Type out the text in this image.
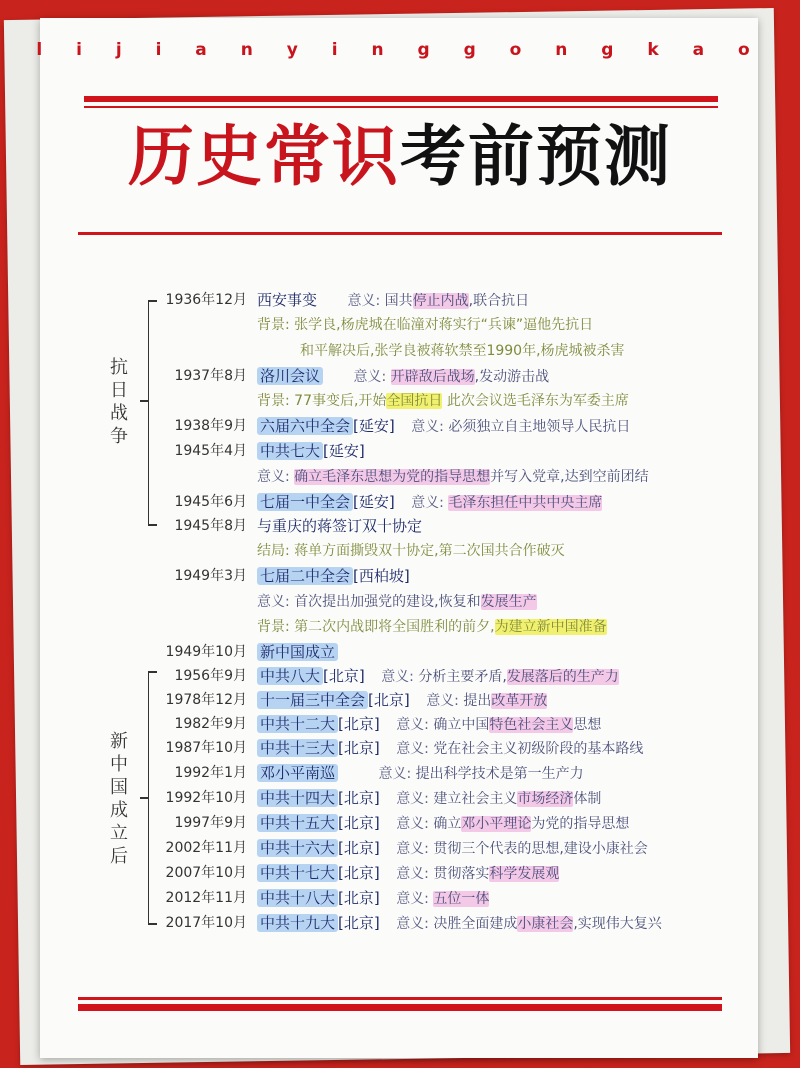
l i j i a n y i n g g o n g k a o
历史常识考前预测
抗日战争
新中国成立后
1936年12月 西安事变 意义: 国共停止内战,联合抗日
背景: 张学良,杨虎城在临潼对蒋实行“兵谏”逼他先抗日
和平解决后,张学良被蒋软禁至1990年,杨虎城被杀害
1937年8月 洛川会议 意义: 开辟敌后战场,发动游击战
背景: 77事变后,开始全国抗日 此次会议选毛泽东为军委主席
1938年9月 六届六中全会 [延安] 意义: 必须独立自主地领导人民抗日
1945年4月 中共七大 [延安]
意义: 确立毛泽东思想为党的指导思想并写入党章,达到空前团结
1945年6月 七届一中全会 [延安] 意义: 毛泽东担任中共中央主席
1945年8月 与重庆的蒋签订双十协定
结局: 蒋单方面撕毁双十协定,第二次国共合作破灭
1949年3月 七届二中全会 [西柏坡]
意义: 首次提出加强党的建设,恢复和发展生产
背景: 第二次内战即将全国胜利的前夕,为建立新中国准备
1949年10月 新中国成立
1956年9月 中共八大 [北京] 意义: 分析主要矛盾,发展落后的生产力
1978年12月 十一届三中全会 [北京] 意义: 提出改革开放
1982年9月 中共十二大 [北京] 意义: 确立中国特色社会主义思想
1987年10月 中共十三大 [北京] 意义: 党在社会主义初级阶段的基本路线
1992年1月 邓小平南巡	意义: 提出科学技术是第一生产力
1992年10月 中共十四大 [北京] 意义: 建立社会主义市场经济体制
1997年9月 中共十五大 [北京] 意义: 确立邓小平理论为党的指导思想
2002年11月 中共十六大 [北京] 意义: 贯彻三个代表的思想,建设小康社会
2007年10月 中共十七大 [北京] 意义: 贯彻落实科学发展观
2012年11月 中共十八大 [北京] 意义: 五位一体
2017年10月 中共十九大 [北京] 意义: 决胜全面建成小康社会,实现伟大复兴
